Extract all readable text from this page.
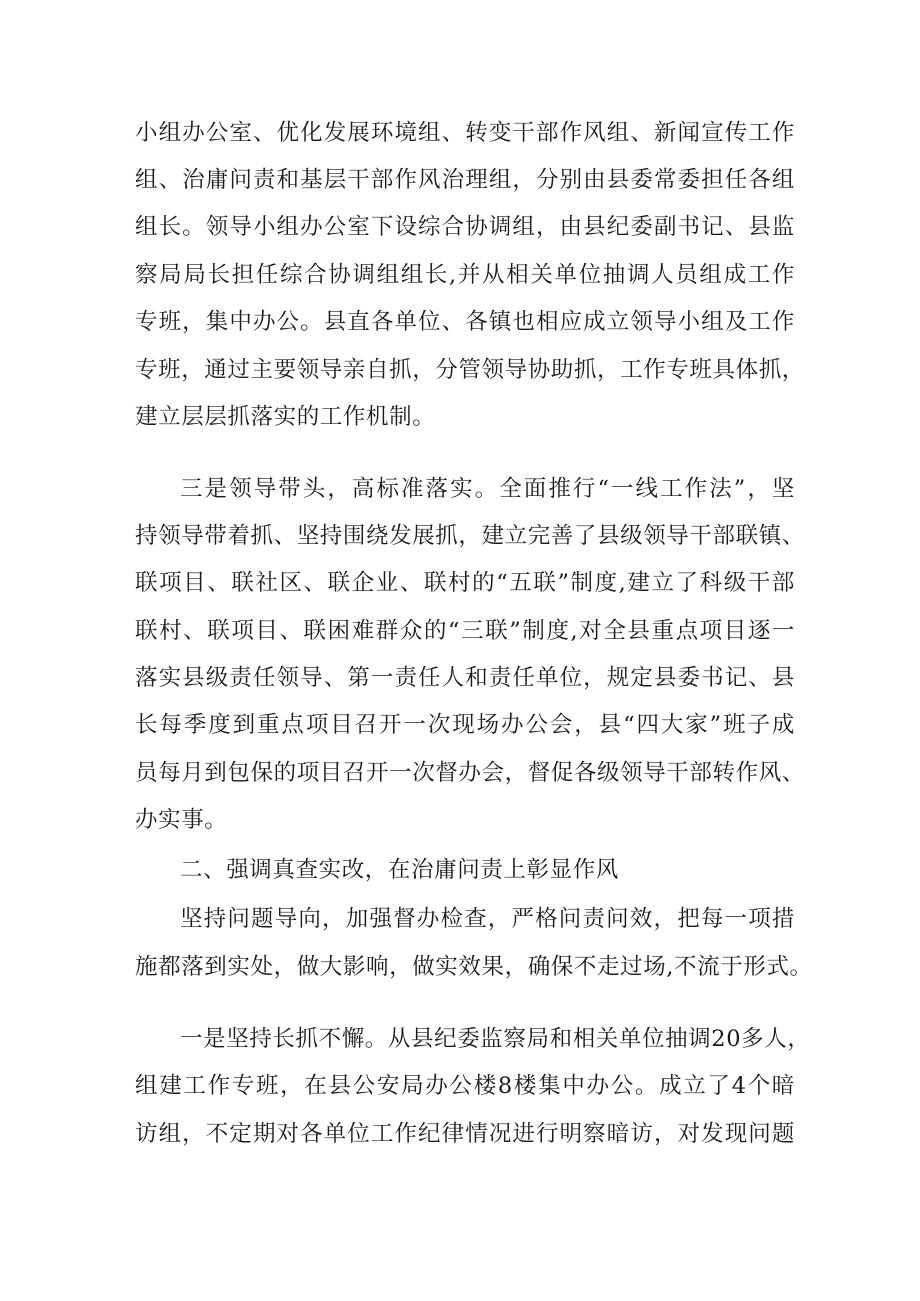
小组办公室、优化发展环境组、转变干部作风组、新闻宣传工作
组、治庸问责和基层干部作风治理组，分别由县委常委担任各组
组长。领导小组办公室下设综合协调组，由县纪委副书记、县监
察局局长担任综合协调组组长,并从相关单位抽调人员组成工作
专班，集中办公。县直各单位、各镇也相应成立领导小组及工作
专班，通过主要领导亲自抓，分管领导协助抓，工作专班具体抓，
建立层层抓落实的工作机制。
三是领导带头，高标准落实。全面推行“一线工作法”，坚
持领导带着抓、坚持围绕发展抓，建立完善了县级领导干部联镇、
联项目、联社区、联企业、联村的“五联”制度,建立了科级干部
联村、联项目、联困难群众的“三联”制度,对全县重点项目逐一
落实县级责任领导、第一责任人和责任单位，规定县委书记、县
长每季度到重点项目召开一次现场办公会，县“四大家”班子成
员每月到包保的项目召开一次督办会，督促各级领导干部转作风、
办实事。
二、强调真查实改，在治庸问责上彰显作风
坚持问题导向，加强督办检查，严格问责问效，把每一项措
施都落到实处，做大影响，做实效果，确保不走过场,不流于形式。
一是坚持长抓不懈。从县纪委监察局和相关单位抽调20多人，
组建工作专班，在县公安局办公楼8楼集中办公。成立了4个暗
访组，不定期对各单位工作纪律情况进行明察暗访，对发现问题
